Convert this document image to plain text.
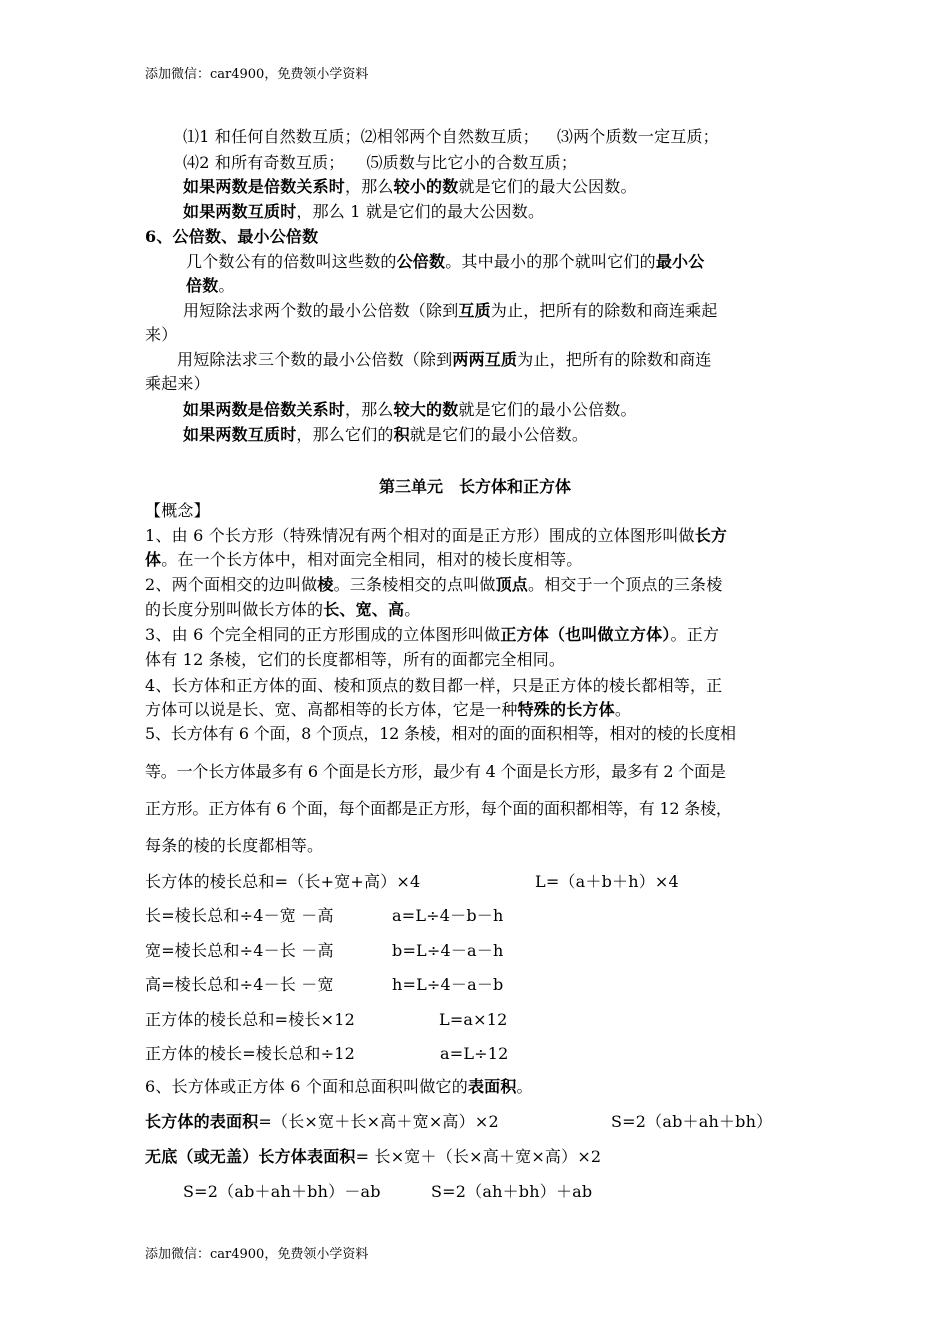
添加微信：car4900，免费领小学资料
⑴1 和任何自然数互质；⑵相邻两个自然数互质； ⑶两个质数一定互质；
⑷2 和所有奇数互质； ⑸质数与比它小的合数互质；
如果两数是倍数关系时，那么较小的数就是它们的最大公因数。
如果两数互质时，那么 1 就是它们的最大公因数。
6、公倍数、最小公倍数
几个数公有的倍数叫这些数的公倍数。其中最小的那个就叫它们的最小公
倍数。
用短除法求两个数的最小公倍数（除到互质为止，把所有的除数和商连乘起
来）
用短除法求三个数的最小公倍数（除到两两互质为止，把所有的除数和商连
乘起来）
如果两数是倍数关系时，那么较大的数就是它们的最小公倍数。
如果两数互质时，那么它们的积就是它们的最小公倍数。
第三单元　长方体和正方体
【概念】
1、由 6 个长方形（特殊情况有两个相对的面是正方形）围成的立体图形叫做长方
体。在一个长方体中，相对面完全相同，相对的棱长度相等。
2、两个面相交的边叫做棱。三条棱相交的点叫做顶点。相交于一个顶点的三条棱
的长度分别叫做长方体的长、宽、高。
3、由 6 个完全相同的正方形围成的立体图形叫做正方体（也叫做立方体）。正方
体有 12 条棱，它们的长度都相等，所有的面都完全相同。
4、长方体和正方体的面、棱和顶点的数目都一样，只是正方体的棱长都相等，正
方体可以说是长、宽、高都相等的长方体，它是一种特殊的长方体。
5、长方体有 6 个面，8 个顶点，12 条棱，相对的面的面积相等，相对的棱的长度相
等。一个长方体最多有 6 个面是长方形，最少有 4 个面是长方形，最多有 2 个面是
正方形。正方体有 6 个面，每个面都是正方形，每个面的面积都相等，有 12 条棱，
每条的棱的长度都相等。
长方体的棱长总和=（长+宽+高）×4	L=（a＋b＋h）×4
长=棱长总和÷4－宽 －高	a=L÷4－b－h
宽=棱长总和÷4－长 －高	b=L÷4－a－h
高=棱长总和÷4－长 －宽	h=L÷4－a－b
正方体的棱长总和=棱长×12	L=a×12
正方体的棱长=棱长总和÷12	a=L÷12
6、长方体或正方体 6 个面和总面积叫做它的表面积。
长方体的表面积=（长×宽＋长×高＋宽×高）×2	S=2（ab＋ah＋bh）
无底（或无盖）长方体表面积= 长×宽＋（长×高＋宽×高）×2
S=2（ab＋ah＋bh）－ab	S=2（ah＋bh）＋ab
添加微信：car4900，免费领小学资料
